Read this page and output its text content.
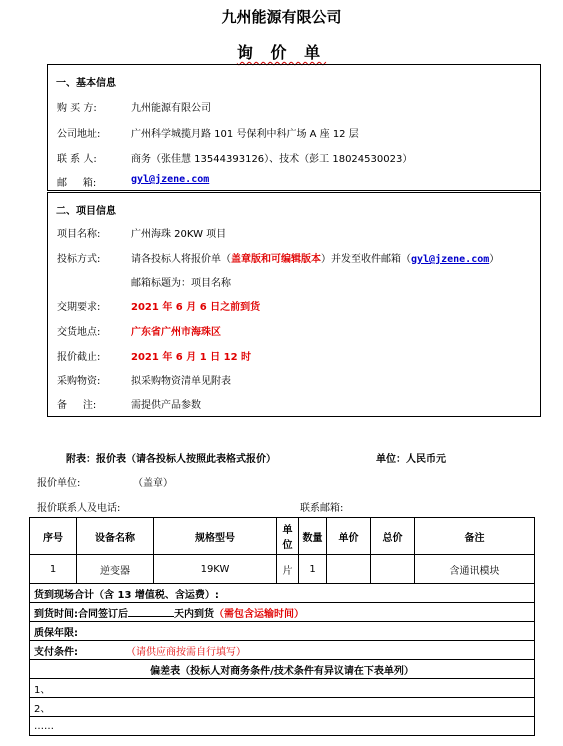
九州能源有限公司
询 价 单
一、基本信息
购 买 方:	九州能源有限公司
公司地址:	广州科学城揽月路 101 号保利中科广场 A 座 12 层
联 系 人:	商务（张佳慧 13544393126）、技术（彭工 18024530023）
邮     箱:	gyl@jzene.com
二、项目信息
项目名称:	广州海珠 20KW 项目
投标方式:	请各投标人将报价单（盖章版和可编辑版本）并发至收件邮箱（gyl@jzene.com）
邮箱标题为：项目名称
交期要求:	2021 年 6 月 6 日之前到货
交货地点:	广东省广州市海珠区
报价截止:	2021 年 6 月 1 日 12 时
采购物资:	拟采购物资清单见附表
备     注:	需提供产品参数
附表：报价表（请各投标人按照此表格式报价）	单位：人民币元
报价单位:	（盖章）
报价联系人及电话:	联系邮箱:
序号	设备名称	规格型号	单位	数量	单价	总价	备注
1	逆变器	19KW	片	1			含通讯模块
货到现场合计（含 13 增值税、含运费）:							
到货时间:合同签订后 天内到货（需包含运输时间）							
质保年限:							
支付条件: （请供应商按需自行填写）							
偏差表（投标人对商务条件/技术条件有异议请在下表单列）							
1、							
2、							
……							
